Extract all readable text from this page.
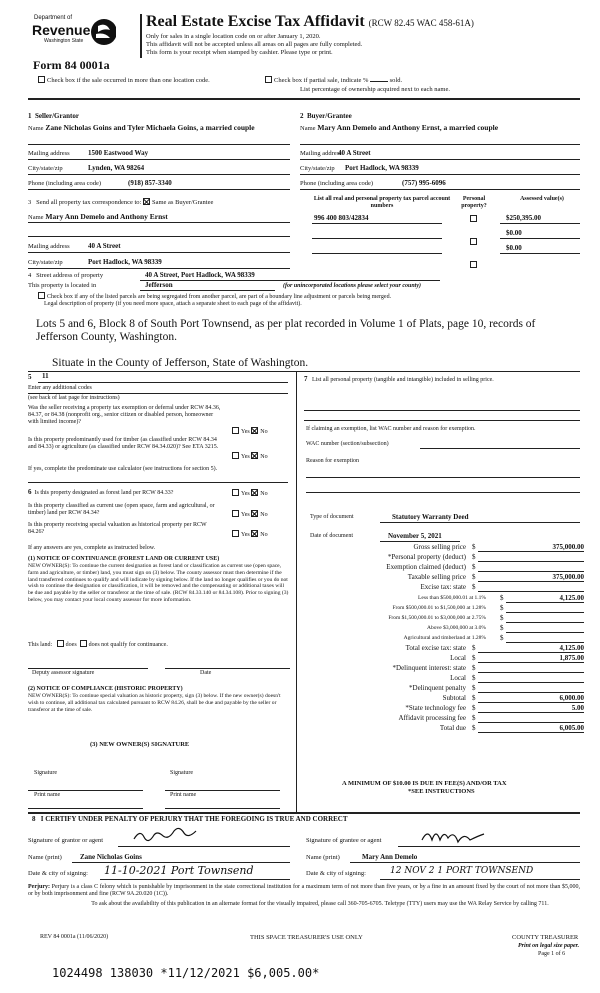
Department of
Revenue
Washington State
Form 84 0001a
Real Estate Excise Tax Affidavit (RCW 82.45 WAC 458-61A)
Only for sales in a single location code on or after January 1, 2020.
This affidavit will not be accepted unless all areas on all pages are fully completed.
This form is your receipt when stamped by cashier. Please type or print.
Check box if the sale occurred in more than one location code.	Check box if partial sale, indicate %	sold.
List percentage of ownership acquired next to each name.
1 Seller/Grantor
Name Zane Nicholas Goins and Tyler Michaela Goins, a married couple
Mailing address	1500 Eastwood Way
City/state/zip	Lynden, WA 98264
Phone (including area code)	(918) 857-3340
2 Buyer/Grantee
Name Mary Ann Demelo and Anthony Ernst, a married couple
Mailing address
40 A Street
City/state/zip Port Hadlock, WA 98339
Phone (including area code)	(757) 995-6096
3 Send all property tax correspondence to: Same as Buyer/Grantee
Name Mary Ann Demelo and Anthony Ernst
Mailing address	40 A Street
City/state/zip	Port Hadlock, WA 98339
List all real and personal property tax parcel account numbers
Personal property?
Assessed value(s)
996 400 803/42834	$250,395.00
$0.00
$0.00
4 Street address of property	40 A Street, Port Hadlock, WA 98339
This property is located in	Jefferson	(for unincorporated locations please select your county)
Check box if any of the listed parcels are being segregated from another parcel, are part of a boundary line adjustment or parcels being merged.
Legal description of property (if you need more space, attach a separate sheet to each page of the affidavit).
Lots 5 and 6, Block 8 of South Port Townsend, as per plat recorded in Volume 1 of Plats, page 10, records of Jefferson County, Washington.
Situate in the County of Jefferson, State of Washington.
5 11
Enter any additional codes
(see back of last page for instructions)
Was the seller receiving a property tax exemption or deferral under RCW 84.36, 84.37, or 84.38 (nonprofit org., senior citizen or disabled person, homeowner with limited income)?
Yes No
Is this property predominantly used for timber (as classified under RCW 84.34 and 84.33) or agriculture (as classified under RCW 84.34.020)? See ETA 3215.
Yes No
If yes, complete the predominate use calculator (see instructions for section 5).
6 Is this property designated as forest land per RCW 84.33?	Yes No
Is this property classified as current use (open space, farm and agricultural, or timber) land per RCW 84.34?	Yes No
Is this property receiving special valuation as historical property per RCW 84.26?	Yes No
If any answers are yes, complete as instructed below.
(1) NOTICE OF CONTINUANCE (FOREST LAND OR CURRENT USE)
NEW OWNER(S): To continue the current designation as forest land or classification as current use (open space, farm and agriculture, or timber) land, you must sign on (3) below. The county assessor must then determine if the land transferred continues to qualify and will indicate by signing below. If the land no longer qualifies or you do not wish to continue the designation or classification, it will be removed and the compensating or additional taxes will be due and payable by the seller or transferor at the time of sale. (RCW 84.33.140 or 84.34.108). Prior to signing (3) below, you may contact your local county assessor for more information.
This land: does does not qualify for continuance.
Deputy assessor signature	Date
(2) NOTICE OF COMPLIANCE (HISTORIC PROPERTY)
NEW OWNER(S): To continue special valuation as historic property, sign (3) below. If the new owner(s) doesn't wish to continue, all additional tax calculated pursuant to RCW 84.26, shall be due and payable by the seller or transferor at the time of sale.
(3) NEW OWNER(S) SIGNATURE
Signature	Signature
Print name	Print name
7 List all personal property (tangible and intangible) included in selling price.
If claiming an exemption, list WAC number and reason for exemption.
WAC number (section/subsection)
Reason for exemption
Type of document	Statutory Warranty Deed
Date of document	November 5, 2021
Gross selling price $	375,000.00
*Personal property (deduct) $
Exemption claimed (deduct) $
Taxable selling price $	375,000.00
Excise tax: state $
Less than $500,000.01 at 1.1% $	4,125.00
From $500,000.01 to $1,500,000 at 1.28% $
From $1,500,000.01 to $3,000,000 at 2.75% $
Above $3,000,000 at 3.0% $
Agricultural and timberland at 1.28% $
Total excise tax: state $	4,125.00
Local $	1,875.00
*Delinquent interest: state $
Local $
*Delinquent penalty $
Subtotal $	6,000.00
*State technology fee $	5.00
Affidavit processing fee $
Total due $	6,005.00
A MINIMUM OF $10.00 IS DUE IN FEE(S) AND/OR TAX
*SEE INSTRUCTIONS
8 I CERTIFY UNDER PENALTY OF PERJURY THAT THE FOREGOING IS TRUE AND CORRECT
Signature of grantor or agent	Signature of grantee or agent
Name (print)	Zane Nicholas Goins	Name (print)	Mary Ann Demelo
Date & city of signing: 11-10-2021 Port Townsend	Date & city of signing:	12 NOV 2 1 PORT TOWNSEND
Perjury: Perjury is a class C felony which is punishable by imprisonment in the state correctional institution for a maximum term of not more than five years, or by a fine in an amount fixed by the court of not more than $5,000, or by both imprisonment and fine (RCW 9A.20.020 (1C)).
To ask about the availability of this publication in an alternate format for the visually impaired, please call 360-705-6705. Teletype (TTY) users may use the WA Relay Service by calling 711.
REV 84 0001a (11/06/2020)	THIS SPACE TREASURER'S USE ONLY	COUNTY TREASURER
Print on legal size paper.
Page 1 of 6
1024498 138030 *11/12/2021 $6,005.00*
